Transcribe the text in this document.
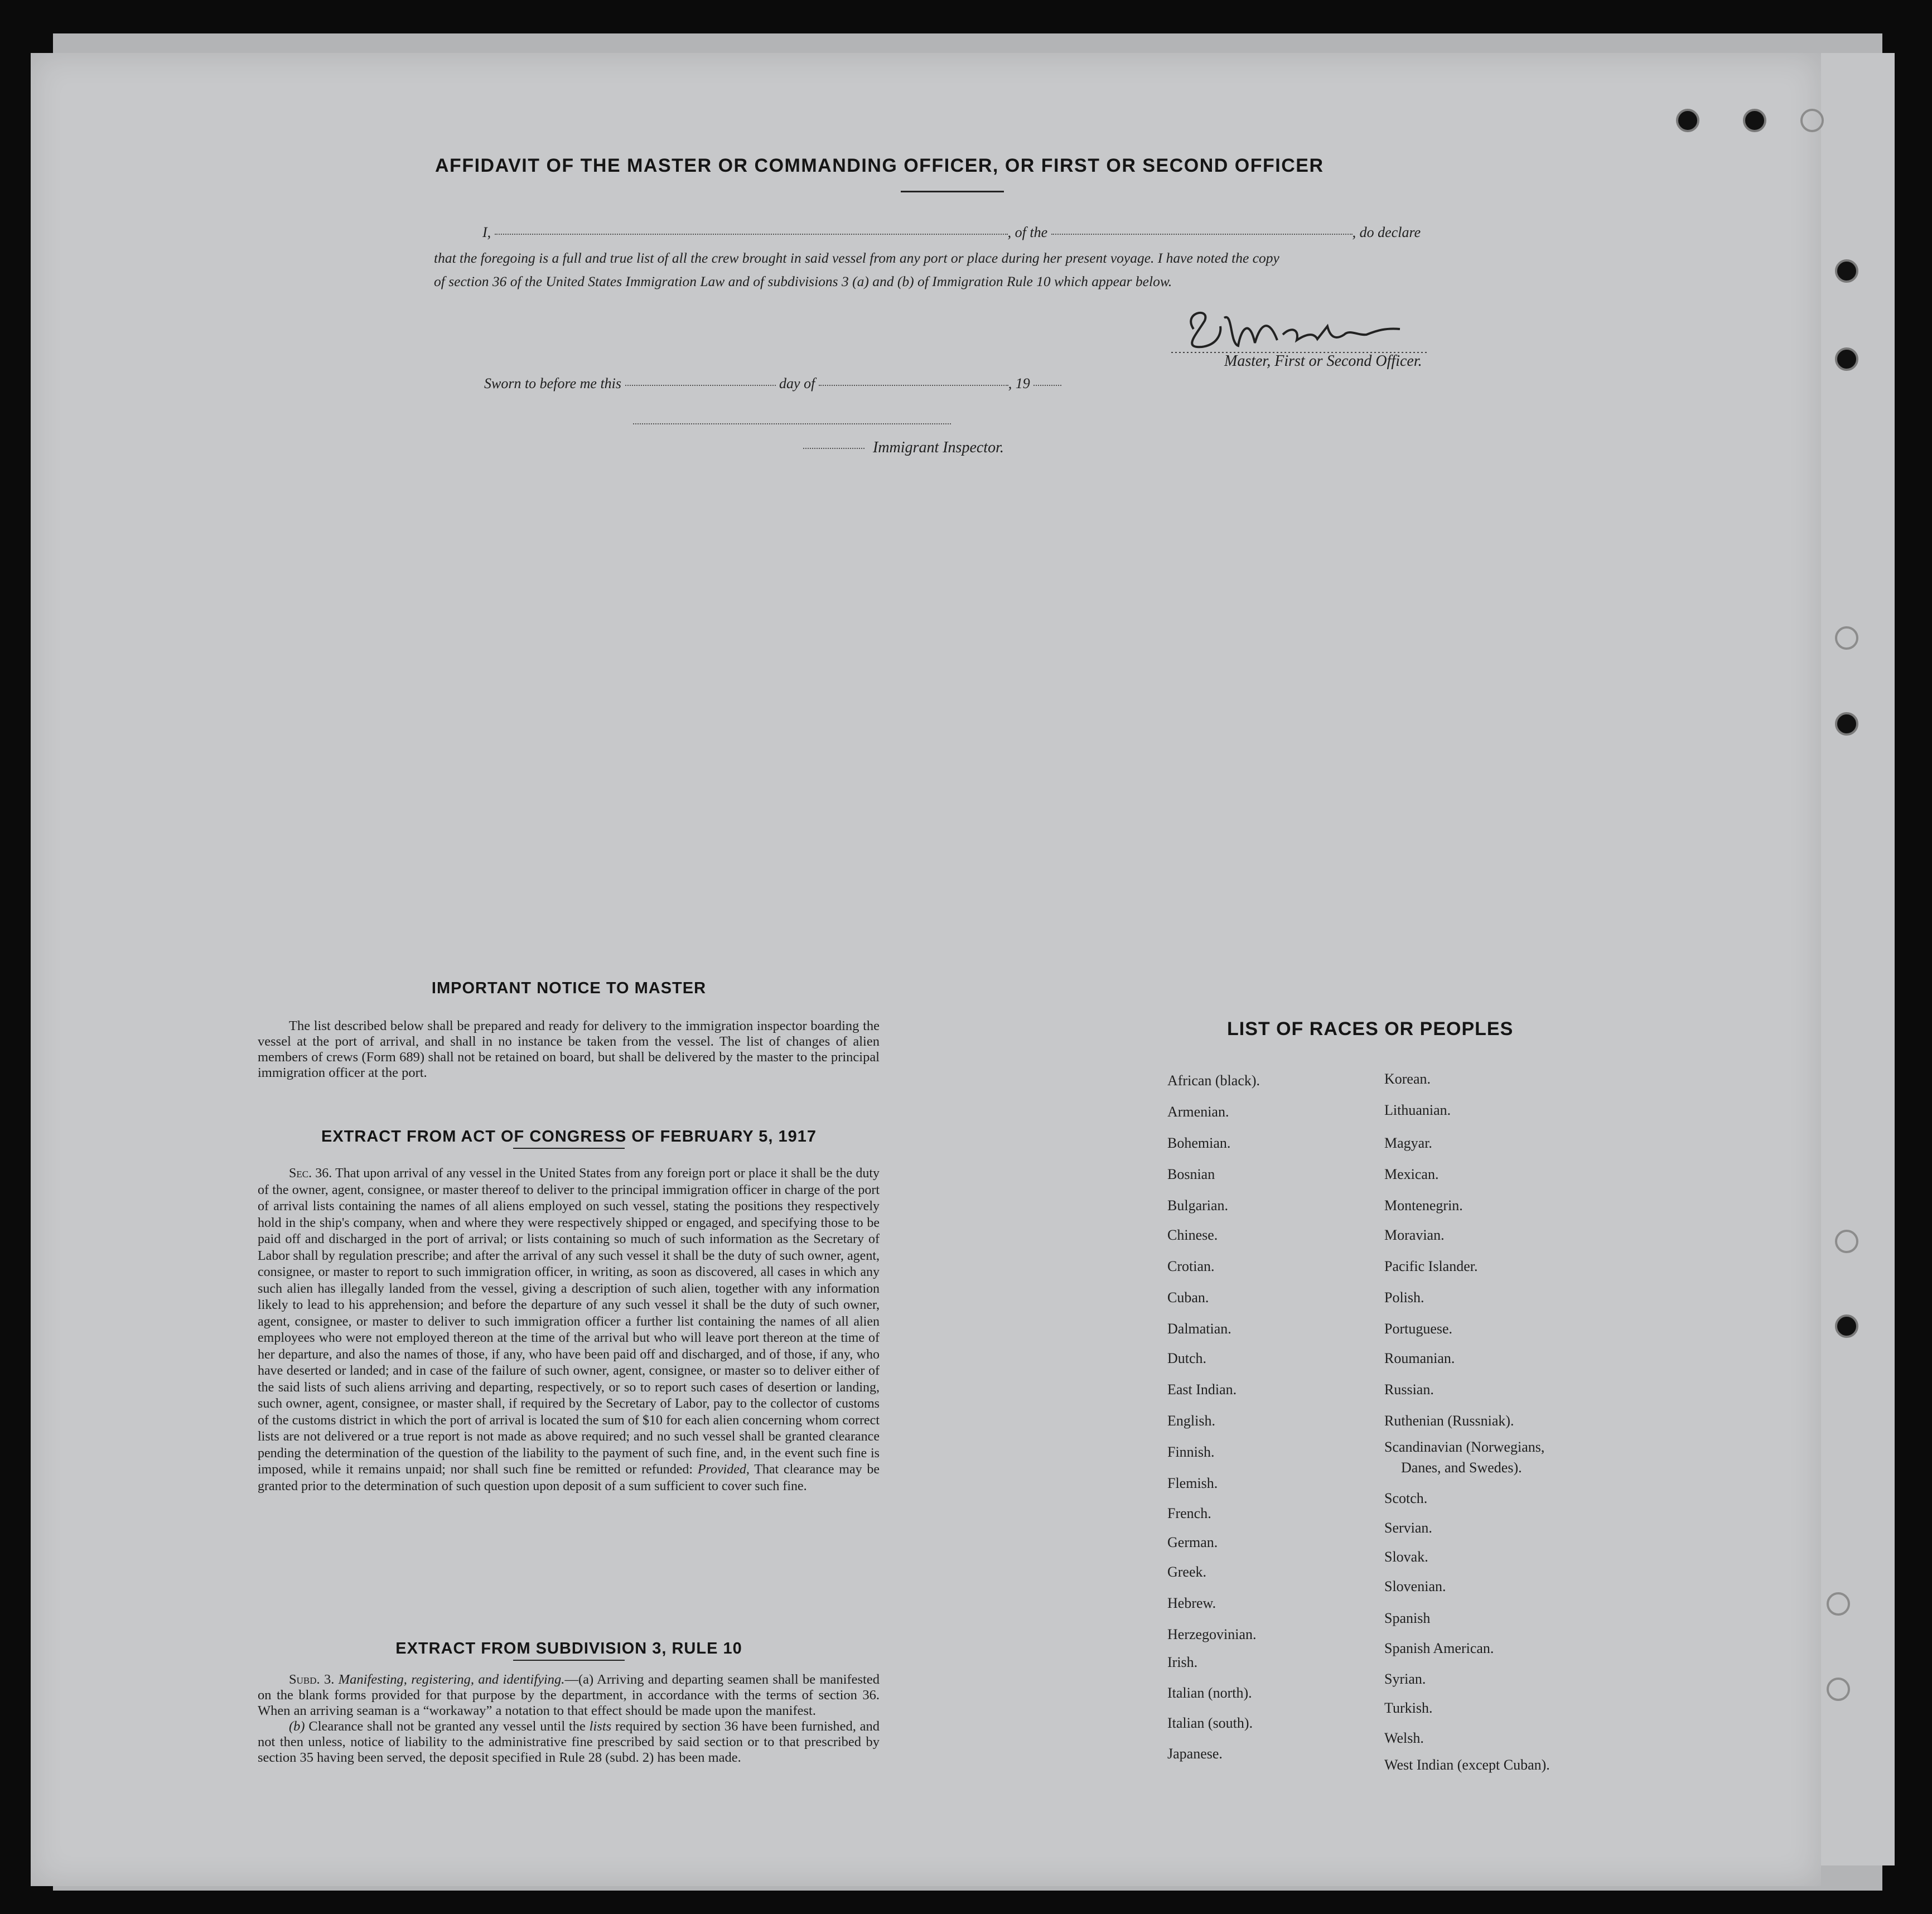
AFFIDAVIT OF THE MASTER OR COMMANDING OFFICER, OR FIRST OR SECOND OFFICER
I,	, of the	, do declare
that the foregoing is a full and true list of all the crew brought in said vessel from any port or place during her present voyage. I have noted the copy
of section 36 of the United States Immigration Law and of subdivisions 3 (a) and (b) of Immigration Rule 10 which appear below.
Master, First or Second Officer.
Sworn to before me this	day of	, 19
Immigrant Inspector.
IMPORTANT NOTICE TO MASTER
The list described below shall be prepared and ready for delivery to the immigration inspector boarding the vessel at the port of arrival, and shall in no instance be taken from the vessel. The list of changes of alien members of crews (Form 689) shall not be retained on board, but shall be delivered by the master to the principal immigration officer at the port.
EXTRACT FROM ACT OF CONGRESS OF FEBRUARY 5, 1917
Sec. 36. That upon arrival of any vessel in the United States from any foreign port or place it shall be the duty of the owner, agent, consignee, or master thereof to deliver to the principal immigration officer in charge of the port of arrival lists containing the names of all aliens employed on such vessel, stating the positions they respectively hold in the ship's company, when and where they were respectively shipped or engaged, and specifying those to be paid off and discharged in the port of arrival; or lists containing so much of such information as the Secretary of Labor shall by regulation prescribe; and after the arrival of any such vessel it shall be the duty of such owner, agent, consignee, or master to report to such immigration officer, in writing, as soon as discovered, all cases in which any such alien has illegally landed from the vessel, giving a description of such alien, together with any information likely to lead to his apprehension; and before the departure of any such vessel it shall be the duty of such owner, agent, consignee, or master to deliver to such immigration officer a further list containing the names of all alien employees who were not employed thereon at the time of the arrival but who will leave port thereon at the time of her departure, and also the names of those, if any, who have been paid off and discharged, and of those, if any, who have deserted or landed; and in case of the failure of such owner, agent, consignee, or master so to deliver either of the said lists of such aliens arriving and departing, respectively, or so to report such cases of desertion or landing, such owner, agent, consignee, or master shall, if required by the Secretary of Labor, pay to the collector of customs of the customs district in which the port of arrival is located the sum of $10 for each alien concerning whom correct lists are not delivered or a true report is not made as above required; and no such vessel shall be granted clearance pending the determination of the question of the liability to the payment of such fine, and, in the event such fine is imposed, while it remains unpaid; nor shall such fine be remitted or refunded: Provided, That clearance may be granted prior to the determination of such question upon deposit of a sum sufficient to cover such fine.
EXTRACT FROM SUBDIVISION 3, RULE 10
Subd. 3. Manifesting, registering, and identifying.—(a) Arriving and departing seamen shall be manifested on the blank forms provided for that purpose by the department, in accordance with the terms of section 36. When an arriving seaman is a “workaway” a notation to that effect should be made upon the manifest.
(b) Clearance shall not be granted any vessel until the lists required by section 36 have been furnished, and not then unless, notice of liability to the administrative fine prescribed by said section or to that prescribed by section 35 having been served, the deposit specified in Rule 28 (subd. 2) has been made.
LIST OF RACES OR PEOPLES
African (black).
Armenian.
Bohemian.
Bosnian
Bulgarian.
Chinese.
Crotian.
Cuban.
Dalmatian.
Dutch.
East Indian.
English.
Finnish.
Flemish.
French.
German.
Greek.
Hebrew.
Herzegovinian.
Irish.
Italian (north).
Italian (south).
Japanese.
Korean.
Lithuanian.
Magyar.
Mexican.
Montenegrin.
Moravian.
Pacific Islander.
Polish.
Portuguese.
Roumanian.
Russian.
Ruthenian (Russniak).
Scandinavian (Norwegians,
Danes, and Swedes).
Scotch.
Servian.
Slovak.
Slovenian.
Spanish
Spanish American.
Syrian.
Turkish.
Welsh.
West Indian (except Cuban).
